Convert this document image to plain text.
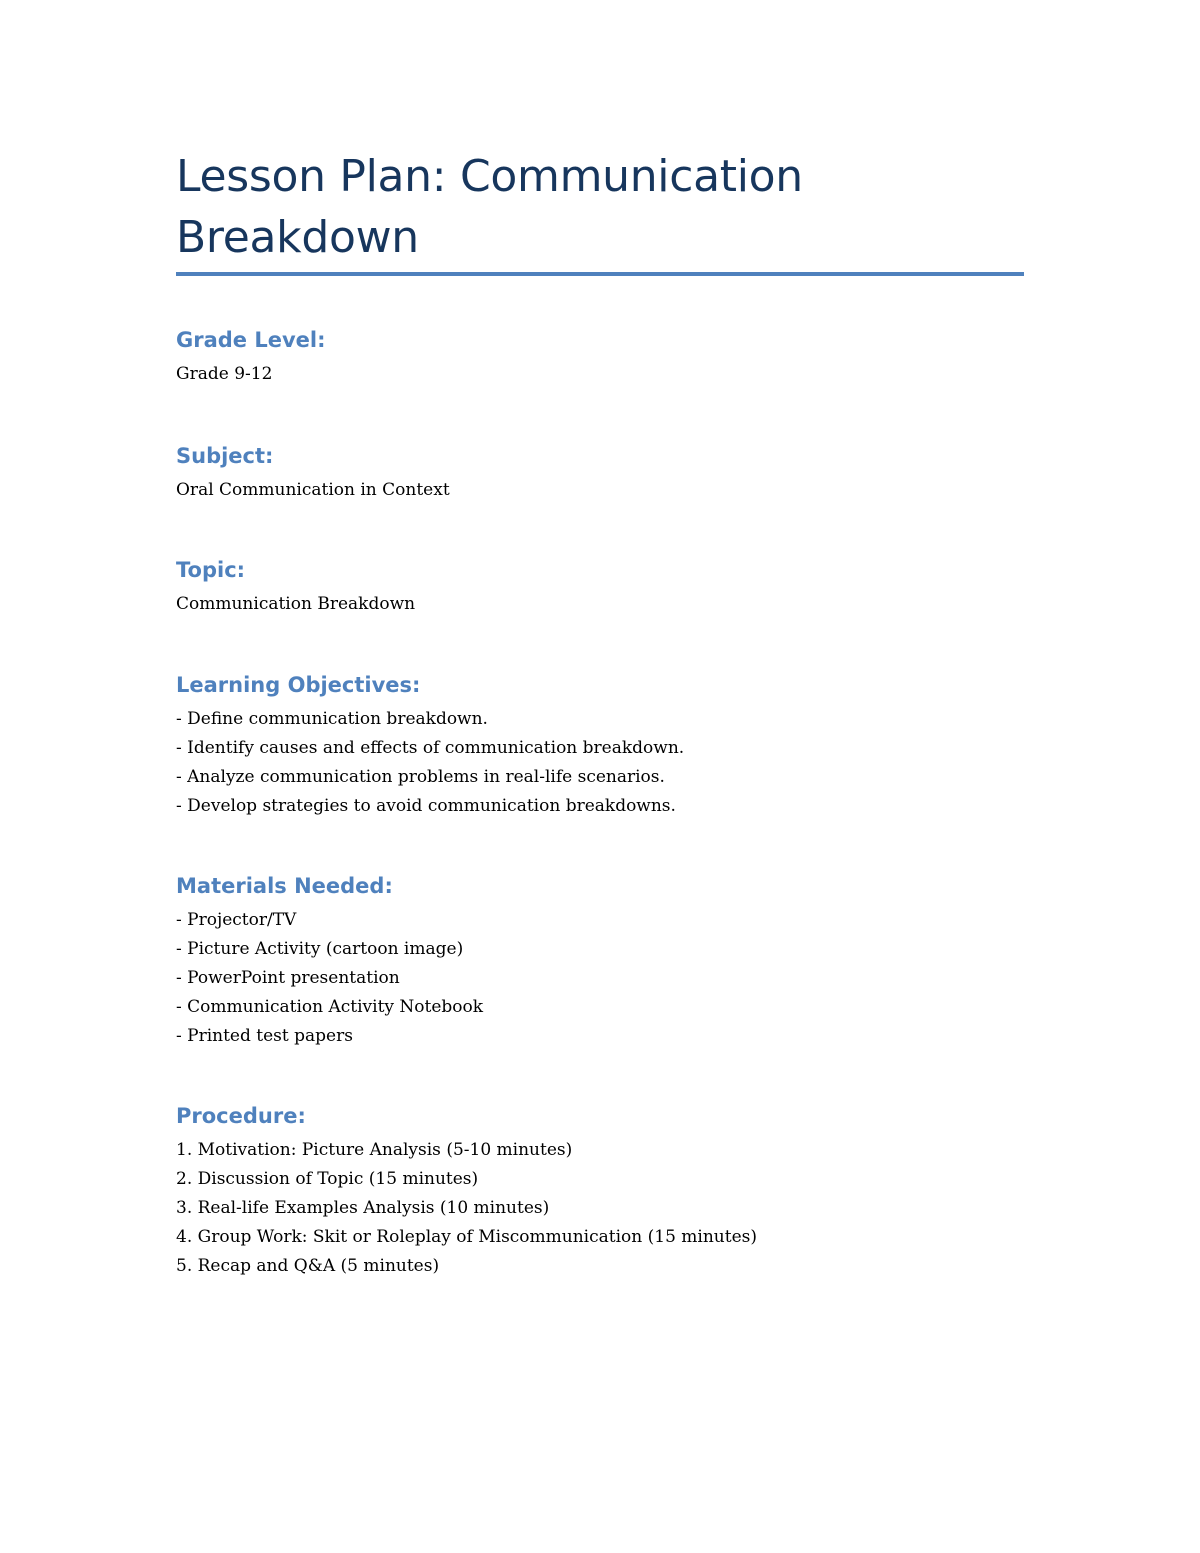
Lesson Plan: Communication Breakdown
Grade Level:

Grade 9-12

Subject:

Oral Communication in Context

Topic:

Communication Breakdown

Learning Objectives:
- Define communication breakdown.
- Identify causes and effects of communication breakdown.
- Analyze communication problems in real-life scenarios.
- Develop strategies to avoid communication breakdowns.
Materials Needed:
- Projector/TV
- Picture Activity (cartoon image)
- PowerPoint presentation
- Communication Activity Notebook
- Printed test papers
Procedure:
1. Motivation: Picture Analysis (5-10 minutes)
2. Discussion of Topic (15 minutes)
3. Real-life Examples Analysis (10 minutes)
4. Group Work: Skit or Roleplay of Miscommunication (15 minutes)
5. Recap and Q&A (5 minutes)
